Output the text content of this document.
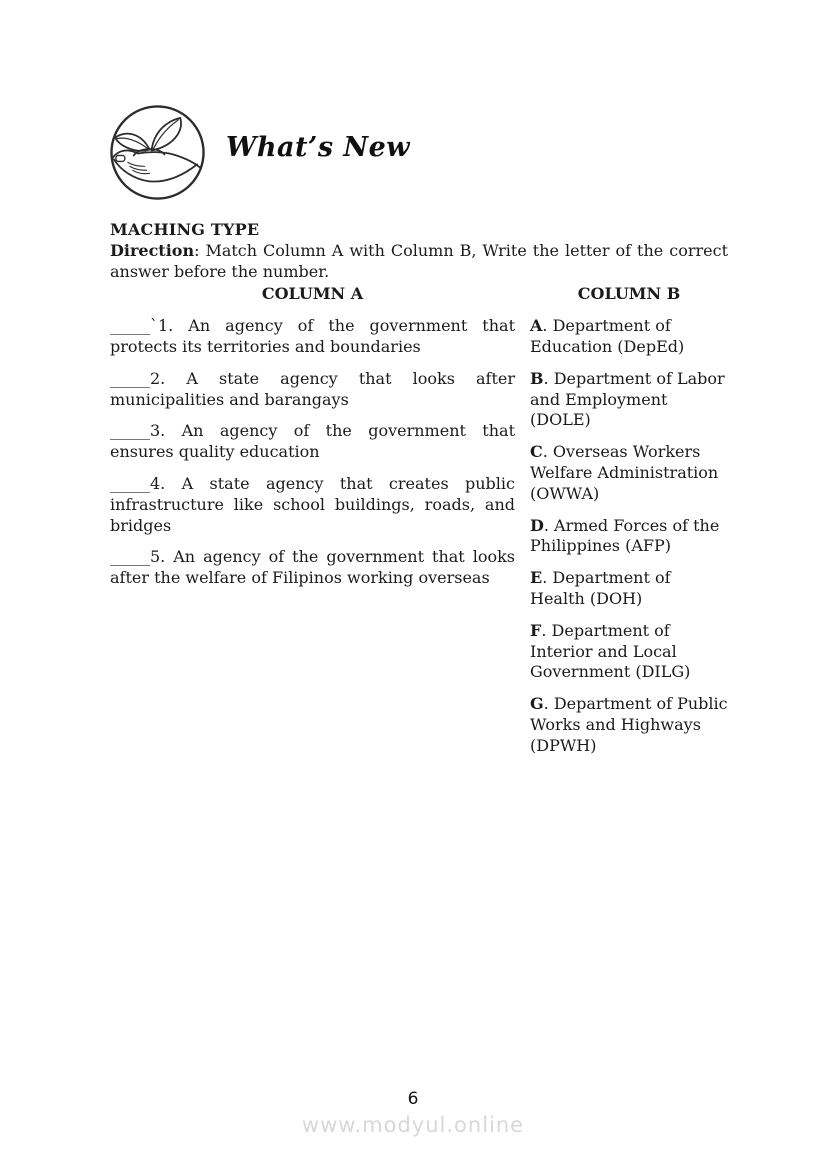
What’s New

MACHING TYPE

Direction: Match Column A with Column B, Write the letter of the correct answer before the number.

COLUMN A

_____`1. An agency of the government that protects its territories and boundaries

_____2. A state agency that looks after municipalities and barangays

_____3. An agency of the government that ensures quality education

_____4. A state agency that creates public infrastructure like school buildings, roads, and bridges

_____5. An agency of the government that looks after the welfare of Filipinos working overseas

COLUMN B

A. Department of Education (DepEd)

B. Department of Labor and Employment (DOLE)

C. Overseas Workers Welfare Administration (OWWA)

D. Armed Forces of the Philippines (AFP)

E. Department of Health (DOH)

F. Department of Interior and Local Government (DILG)

G. Department of Public Works and Highways (DPWH)

6
www.modyul.online
